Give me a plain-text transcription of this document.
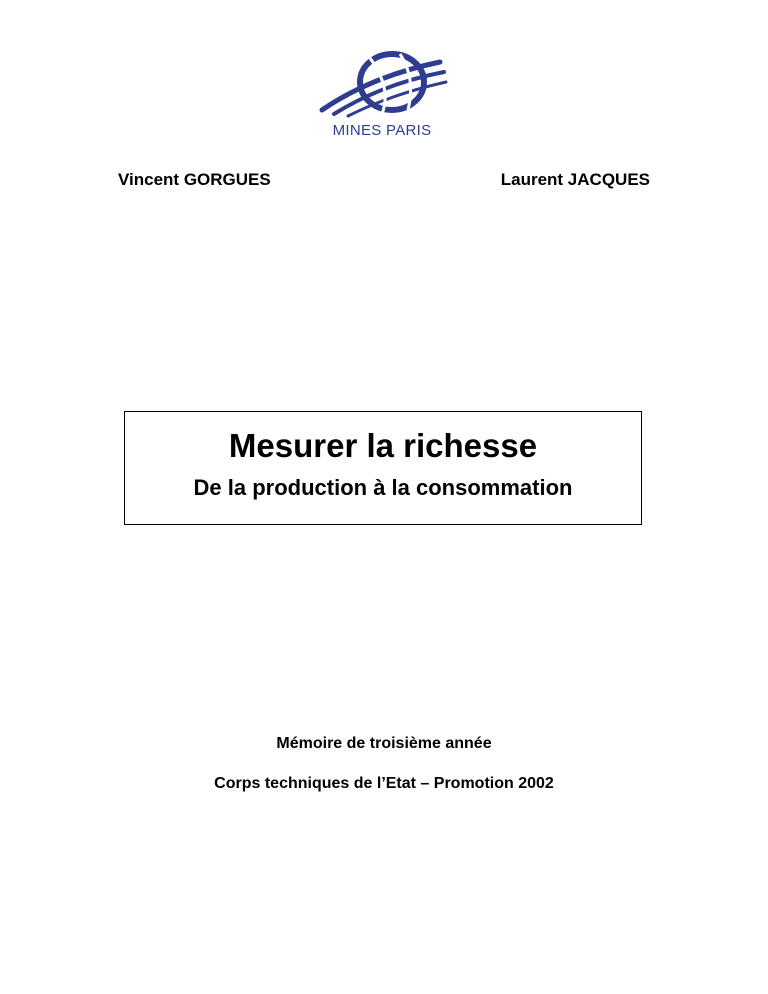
MINES PARIS
Vincent GORGUES	Laurent JACQUES
Mesurer la richesse
De la production à la consommation
Mémoire de troisième année
Corps techniques de l’Etat – Promotion 2002
